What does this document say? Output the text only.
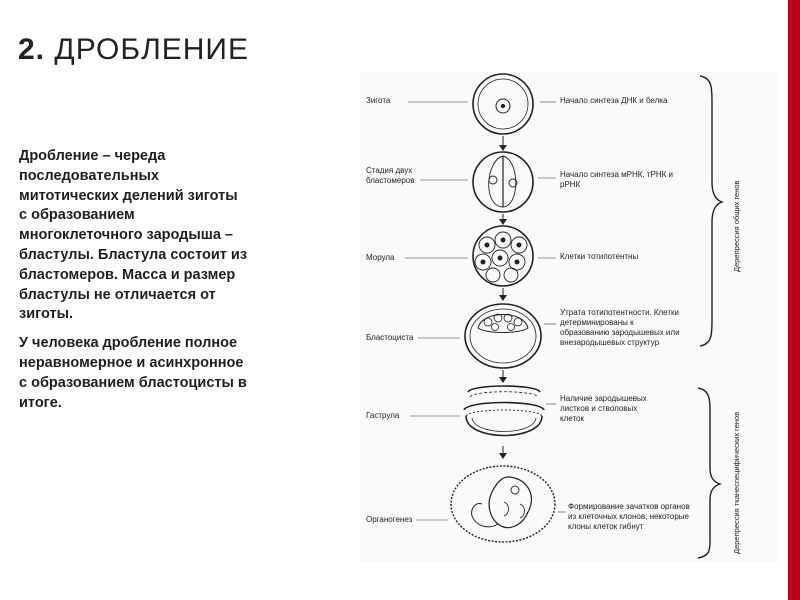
2. ДРОБЛЕНИЕ

Дробление – череда последовательных митотических делений зиготы с образованием многоклеточного зародыша – бластулы. Бластула состоит из бластомеров. Масса и размер бластулы не отличается от зиготы.

У человека дробление полное неравномерное и асинхронное с образованием бластоцисты в итоге.

Зигота
Стадия двух бластомеров
Морула
Бластоциста
Гаструла
Органогенез
Начало синтеза ДНК и белка
Начало синтеза мРНК, тРНК и рРНК
Клетки тотипотентны
Утрата тотипотентности. Клетки детерминированы к образованию зародышевых или внезародышевых структур
Наличие зародышевых листков и стволовых клеток
Формирование зачатков органов из клеточных клонов; некоторые клоны клеток гибнут
Дерепрессия общих генов
Дерепрессия тканеспецифических генов
